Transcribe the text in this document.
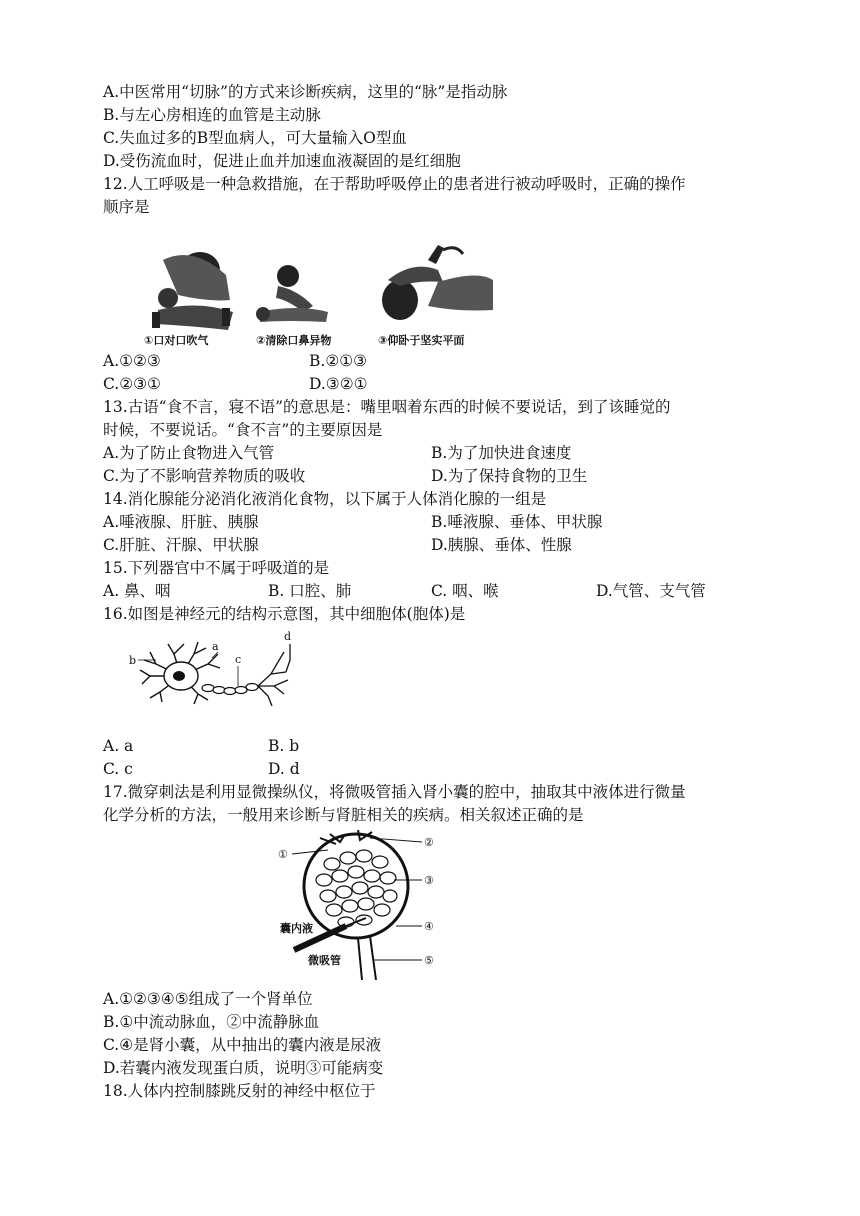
A.中医常用“切脉”的方式来诊断疾病，这里的“脉”是指动脉
B.与左心房相连的血管是主动脉
C.失血过多的B型血病人，可大量输入O型血
D.受伤流血时，促进止血并加速血液凝固的是红细胞
12.人工呼吸是一种急救措施，在于帮助呼吸停止的患者进行被动呼吸时，正确的操作
顺序是
①口对口吹气	②清除口鼻异物	③仰卧于坚实平面
A.①②③	B.②①③
C.②③①	D.③②①
13.古语“食不言，寝不语”的意思是：嘴里咽着东西的时候不要说话，到了该睡觉的
时候，不要说话。“食不言”的主要原因是
A.为了防止食物进入气管	B.为了加快进食速度
C.为了不影响营养物质的吸收	D.为了保持食物的卫生
14.消化腺能分泌消化液消化食物，以下属于人体消化腺的一组是
A.唾液腺、肝脏、胰腺	B.唾液腺、垂体、甲状腺
C.肝脏、汗腺、甲状腺	D.胰腺、垂体、性腺
15.下列器官中不属于呼吸道的是
A. 鼻、咽	B. 口腔、肺	C. 咽、喉	D.气管、支气管
16.如图是神经元的结构示意图，其中细胞体(胞体)是
a
b	c
d
A. a	B. b
C. c	D. d
17.微穿刺法是利用显微操纵仪，将微吸管插入肾小囊的腔中，抽取其中液体进行微量
化学分析的方法，一般用来诊断与肾脏相关的疾病。相关叙述正确的是
①
②
③
④
⑤
囊内液
微吸管
A.①②③④⑤组成了一个肾单位
B.①中流动脉血，②中流静脉血
C.④是肾小囊，从中抽出的囊内液是尿液
D.若囊内液发现蛋白质，说明③可能病变
18.人体内控制膝跳反射的神经中枢位于
